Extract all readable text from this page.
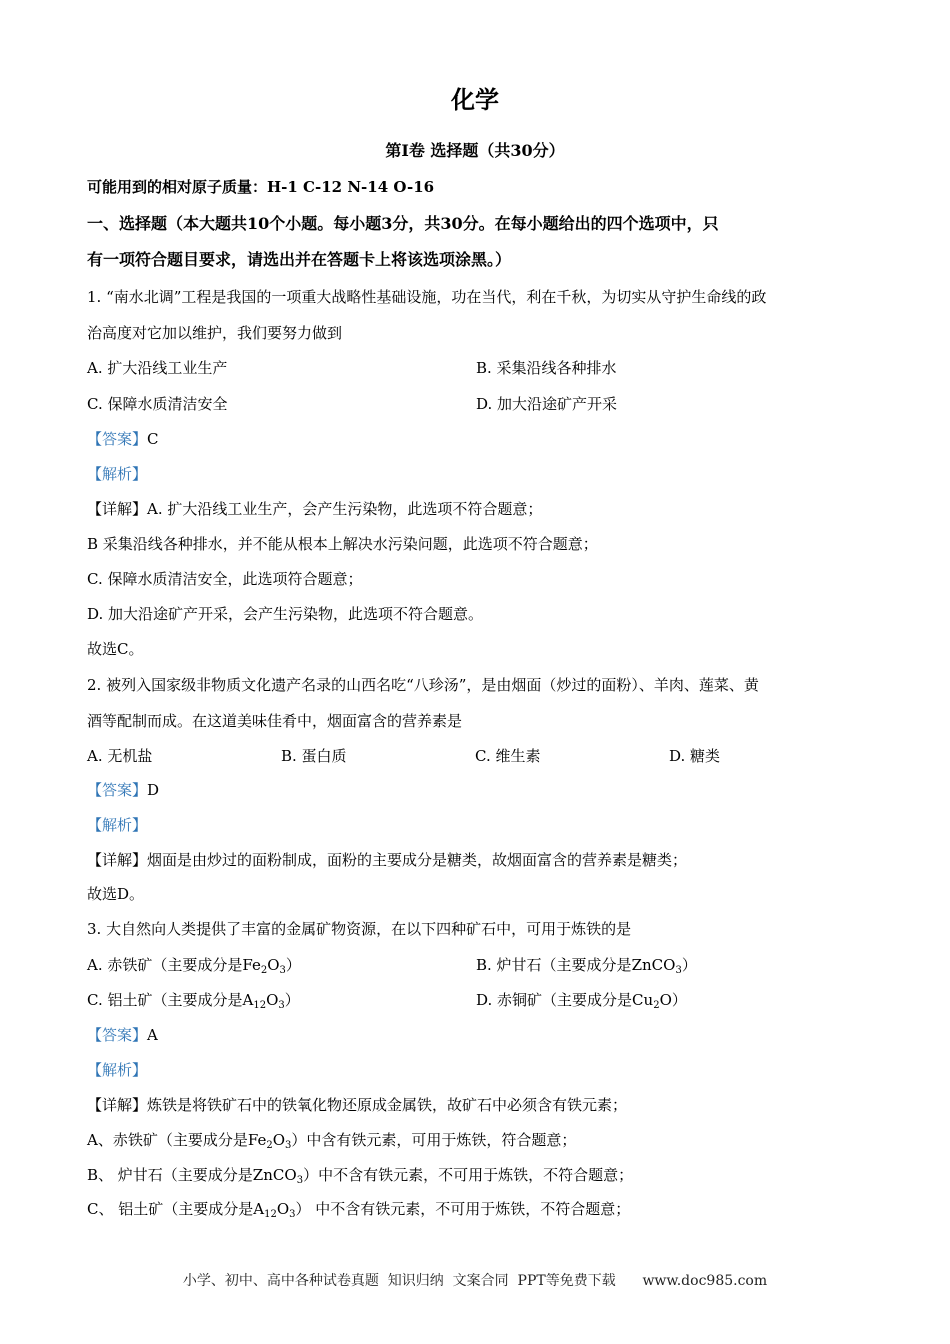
化学
第I卷 选择题（共30分）
可能用到的相对原子质量：H-1 C-12 N-14 O-16
一、选择题（本大题共10个小题。每小题3分，共30分。在每小题给出的四个选项中，只
有一项符合题目要求，请选出并在答题卡上将该选项涂黑。）
1. “南水北调”工程是我国的一项重大战略性基础设施，功在当代，利在千秋，为切实从守护生命线的政
治高度对它加以维护，我们要努力做到
A. 扩大沿线工业生产	B. 采集沿线各种排水
C. 保障水质清洁安全	D. 加大沿途矿产开采
【答案】C
【解析】
【详解】A. 扩大沿线工业生产，会产生污染物，此选项不符合题意；
B 采集沿线各种排水，并不能从根本上解决水污染问题，此选项不符合题意；
C. 保障水质清洁安全，此选项符合题意；
D. 加大沿途矿产开采，会产生污染物，此选项不符合题意。
故选C。
2. 被列入国家级非物质文化遗产名录的山西名吃“八珍汤”，是由烟面（炒过的面粉）、羊肉、莲菜、黄
酒等配制而成。在这道美味佳肴中，烟面富含的营养素是
A. 无机盐	B. 蛋白质	C. 维生素	D. 糖类
【答案】D
【解析】
【详解】烟面是由炒过的面粉制成，面粉的主要成分是糖类，故烟面富含的营养素是糖类；
故选D。
3. 大自然向人类提供了丰富的金属矿物资源，在以下四种矿石中，可用于炼铁的是
A. 赤铁矿（主要成分是$Fe_2O_3$）	B. 炉甘石（主要成分是ZnCO$_3$）
C. 铝土矿（主要成分是$A_{12}O_3$）	D. 赤铜矿（主要成分是$Cu_2O$）
【答案】A
【解析】
【详解】炼铁是将铁矿石中的铁氧化物还原成金属铁，故矿石中必须含有铁元素；
A、赤铁矿（主要成分是$Fe_2O_3$）中含有铁元素，可用于炼铁，符合题意；
B、 炉甘石（主要成分是ZnCO$_3$）中不含有铁元素，不可用于炼铁，不符合题意；
C、 铝土矿（主要成分是$A_{12}O_3$） 中不含有铁元素，不可用于炼铁，不符合题意；
小学、初中、高中各种试卷真题  知识归纳  文案合同  PPT等免费下载      www.doc985.com
